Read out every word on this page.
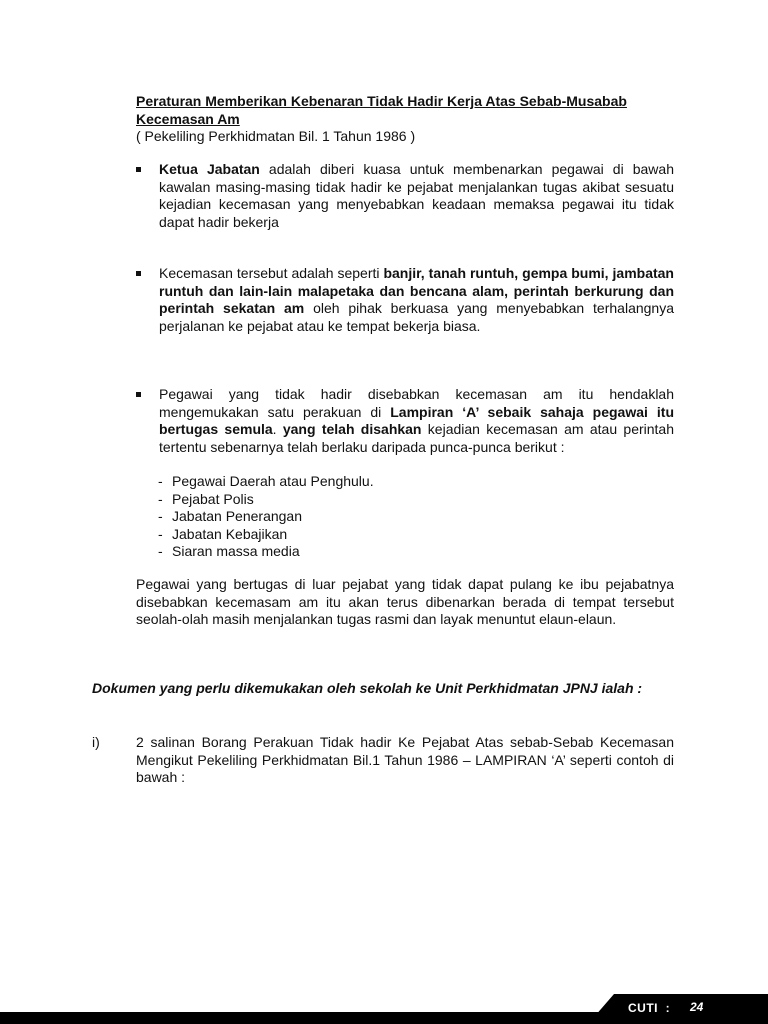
Peraturan Memberikan Kebenaran Tidak Hadir Kerja Atas Sebab-Musabab Kecemasan Am
( Pekeliling Perkhidmatan Bil. 1 Tahun 1986 )
Ketua Jabatan adalah diberi kuasa untuk membenarkan pegawai di bawah kawalan masing-masing tidak hadir ke pejabat menjalankan tugas akibat sesuatu kejadian kecemasan yang menyebabkan keadaan memaksa pegawai itu tidak dapat hadir bekerja
Kecemasan tersebut adalah seperti banjir, tanah runtuh, gempa bumi, jambatan runtuh dan lain-lain malapetaka dan bencana alam, perintah berkurung dan perintah sekatan am oleh pihak berkuasa yang menyebabkan terhalangnya perjalanan ke pejabat atau ke tempat bekerja biasa.
Pegawai yang tidak hadir disebabkan kecemasan am itu hendaklah mengemukakan satu perakuan di Lampiran ‘A’ sebaik sahaja pegawai itu bertugas semula. yang telah disahkan kejadian kecemasan am atau perintah tertentu sebenarnya telah berlaku daripada punca-punca berikut :
- Pegawai Daerah atau Penghulu.
- Pejabat Polis
- Jabatan Penerangan
- Jabatan Kebajikan
- Siaran massa media
Pegawai yang bertugas di luar pejabat yang tidak dapat pulang ke ibu pejabatnya disebabkan kecemasam am itu akan terus dibenarkan berada di tempat tersebut seolah-olah masih menjalankan tugas rasmi dan layak menuntut elaun-elaun.
Dokumen yang perlu dikemukakan oleh sekolah ke Unit Perkhidmatan JPNJ ialah :
i)	2 salinan Borang Perakuan Tidak hadir Ke Pejabat Atas sebab-Sebab Kecemasan Mengikut Pekeliling Perkhidmatan Bil.1 Tahun 1986 – LAMPIRAN ‘A’ seperti contoh di bawah :
CUTI : 24
